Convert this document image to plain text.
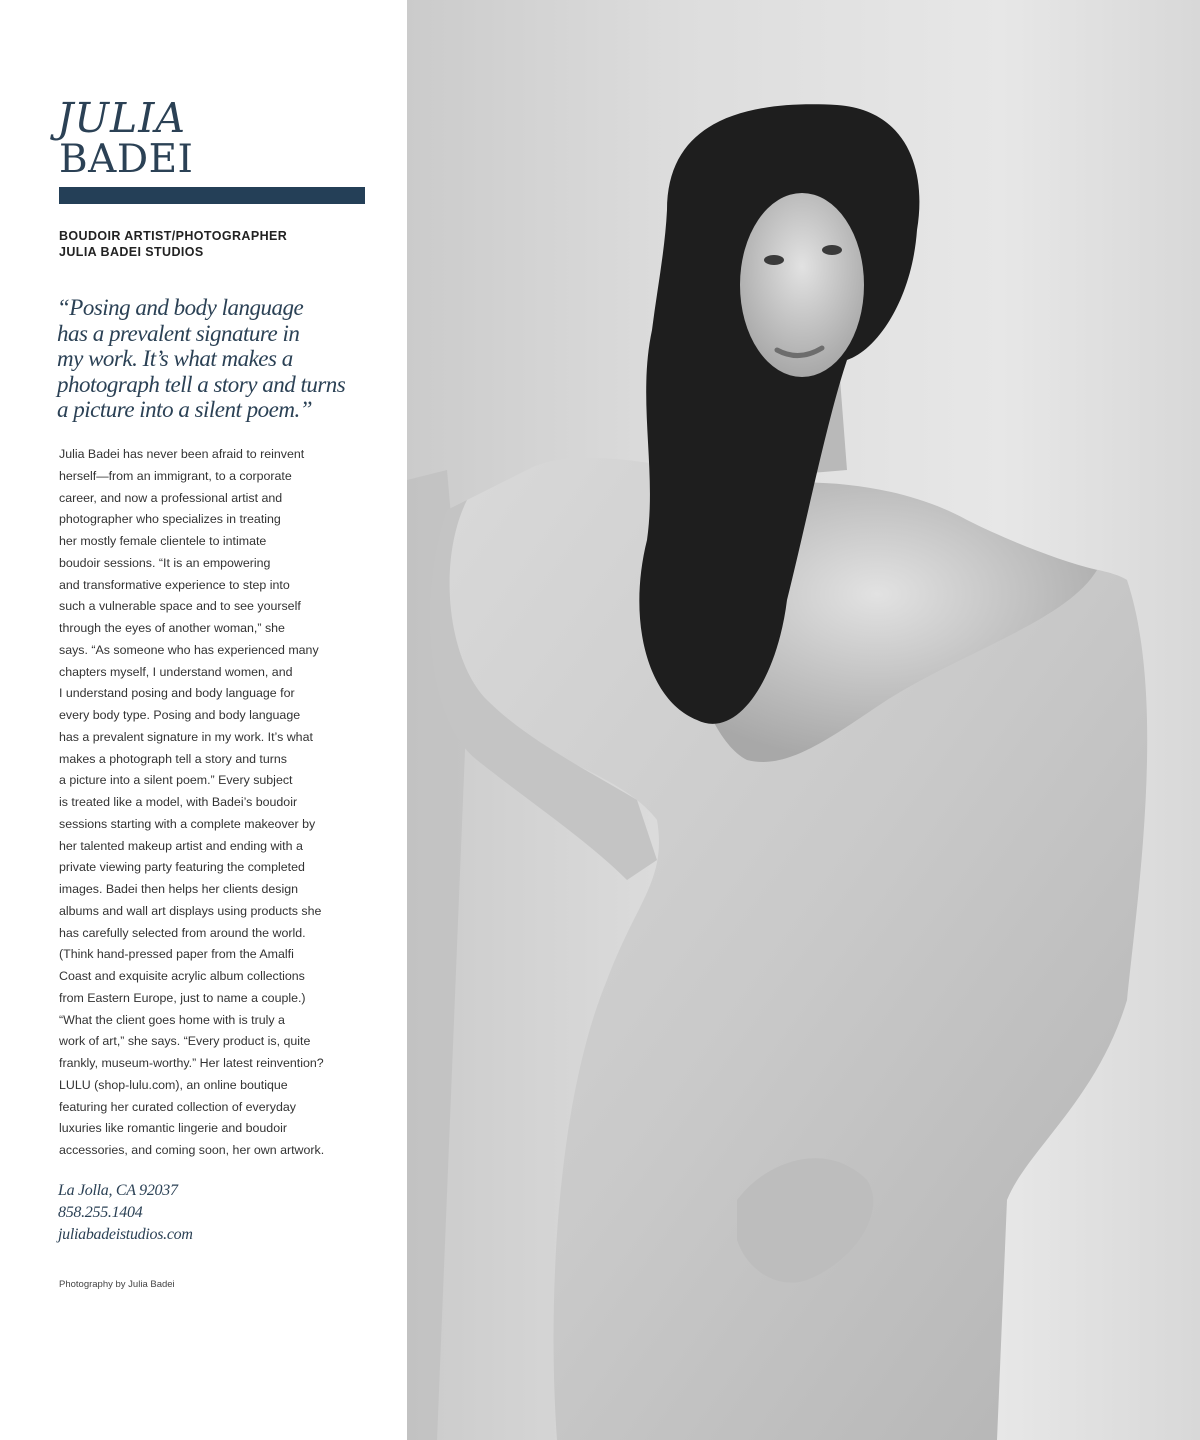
JULIA
BADEI
BOUDOIR ARTIST/PHOTOGRAPHER
JULIA BADEI STUDIOS
“Posing and body language
has a prevalent signature in
my work. It’s what makes a
photograph tell a story and turns
a picture into a silent poem.”
Julia Badei has never been afraid to reinvent
herself—from an immigrant, to a corporate
career, and now a professional artist and
photographer who specializes in treating
her mostly female clientele to intimate
boudoir sessions. “It is an empowering
and transformative experience to step into
such a vulnerable space and to see yourself
through the eyes of another woman,” she
says. “As someone who has experienced many
chapters myself, I understand women, and
I understand posing and body language for
every body type. Posing and body language
has a prevalent signature in my work. It’s what
makes a photograph tell a story and turns
a picture into a silent poem.” Every subject
is treated like a model, with Badei’s boudoir
sessions starting with a complete makeover by
her talented makeup artist and ending with a
private viewing party featuring the completed
images. Badei then helps her clients design
albums and wall art displays using products she
has carefully selected from around the world.
(Think hand-pressed paper from the Amalfi
Coast and exquisite acrylic album collections
from Eastern Europe, just to name a couple.)
“What the client goes home with is truly a
work of art,” she says. “Every product is, quite
frankly, museum-worthy.” Her latest reinvention?
LULU (shop-lulu.com), an online boutique
featuring her curated collection of everyday
luxuries like romantic lingerie and boudoir
accessories, and coming soon, her own artwork.
La Jolla, CA 92037
858.255.1404
juliabadeistudios.com
Photography by Julia Badei
